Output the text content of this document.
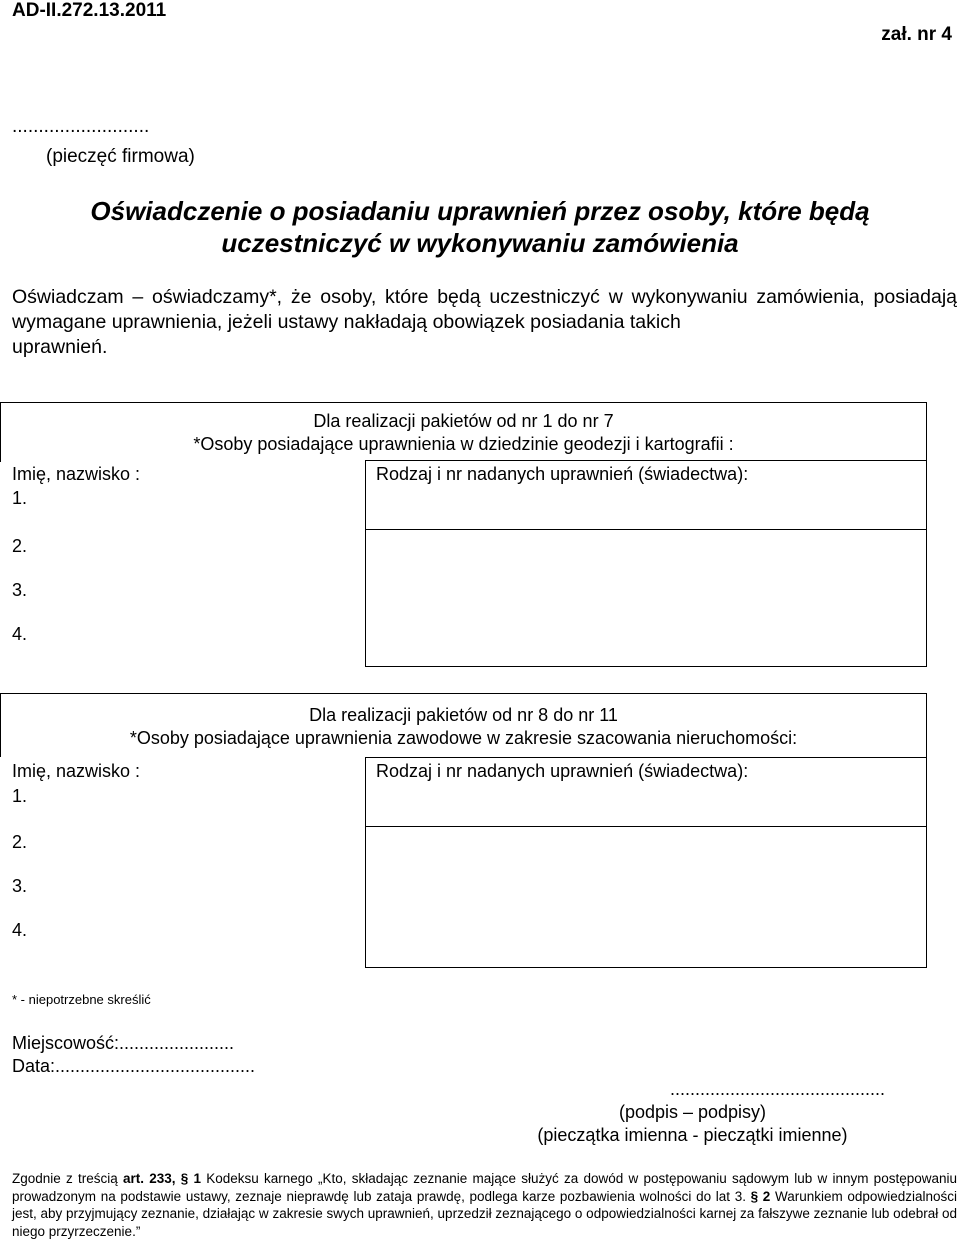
AD-II.272.13.2011
zał. nr 4
..........................
(pieczęć firmowa)
Oświadczenie o posiadaniu uprawnień przez osoby, które będą
uczestniczyć w wykonywaniu zamówienia
Oświadczam – oświadczamy*, że osoby, które będą uczestniczyć w wykonywaniu zamówienia, posiadają wymagane uprawnienia, jeżeli ustawy nakładają obowiązek posiadania takich
uprawnień.
Dla realizacji pakietów od nr 1 do nr 7
*Osoby posiadające uprawnienia w dziedzinie geodezji i kartografii :
Imię, nazwisko :	Rodzaj i nr nadanych uprawnień (świadectwa):
1.
2.
3.
4.
Dla realizacji pakietów od nr 8 do nr 11
*Osoby posiadające uprawnienia zawodowe w zakresie szacowania nieruchomości:
Imię, nazwisko :	Rodzaj i nr nadanych uprawnień (świadectwa):
1.
2.
3.
4.
* - niepotrzebne skreślić
Miejscowość:.......................
Data:........................................
...........................................
(podpis – podpisy)
(pieczątka imienna - pieczątki imienne)
Zgodnie z treścią art. 233, § 1 Kodeksu karnego „Kto, składając zeznanie mające służyć za dowód w postępowaniu sądowym lub w innym postępowaniu prowadzonym na podstawie ustawy, zeznaje nieprawdę lub zataja prawdę, podlega karze pozbawienia wolności do lat 3. § 2 Warunkiem odpowiedzialności jest, aby przyjmujący zeznanie, działając w zakresie swych uprawnień, uprzedził zeznającego o odpowiedzialności karnej za fałszywe zeznanie lub odebrał od niego przyrzeczenie.”
